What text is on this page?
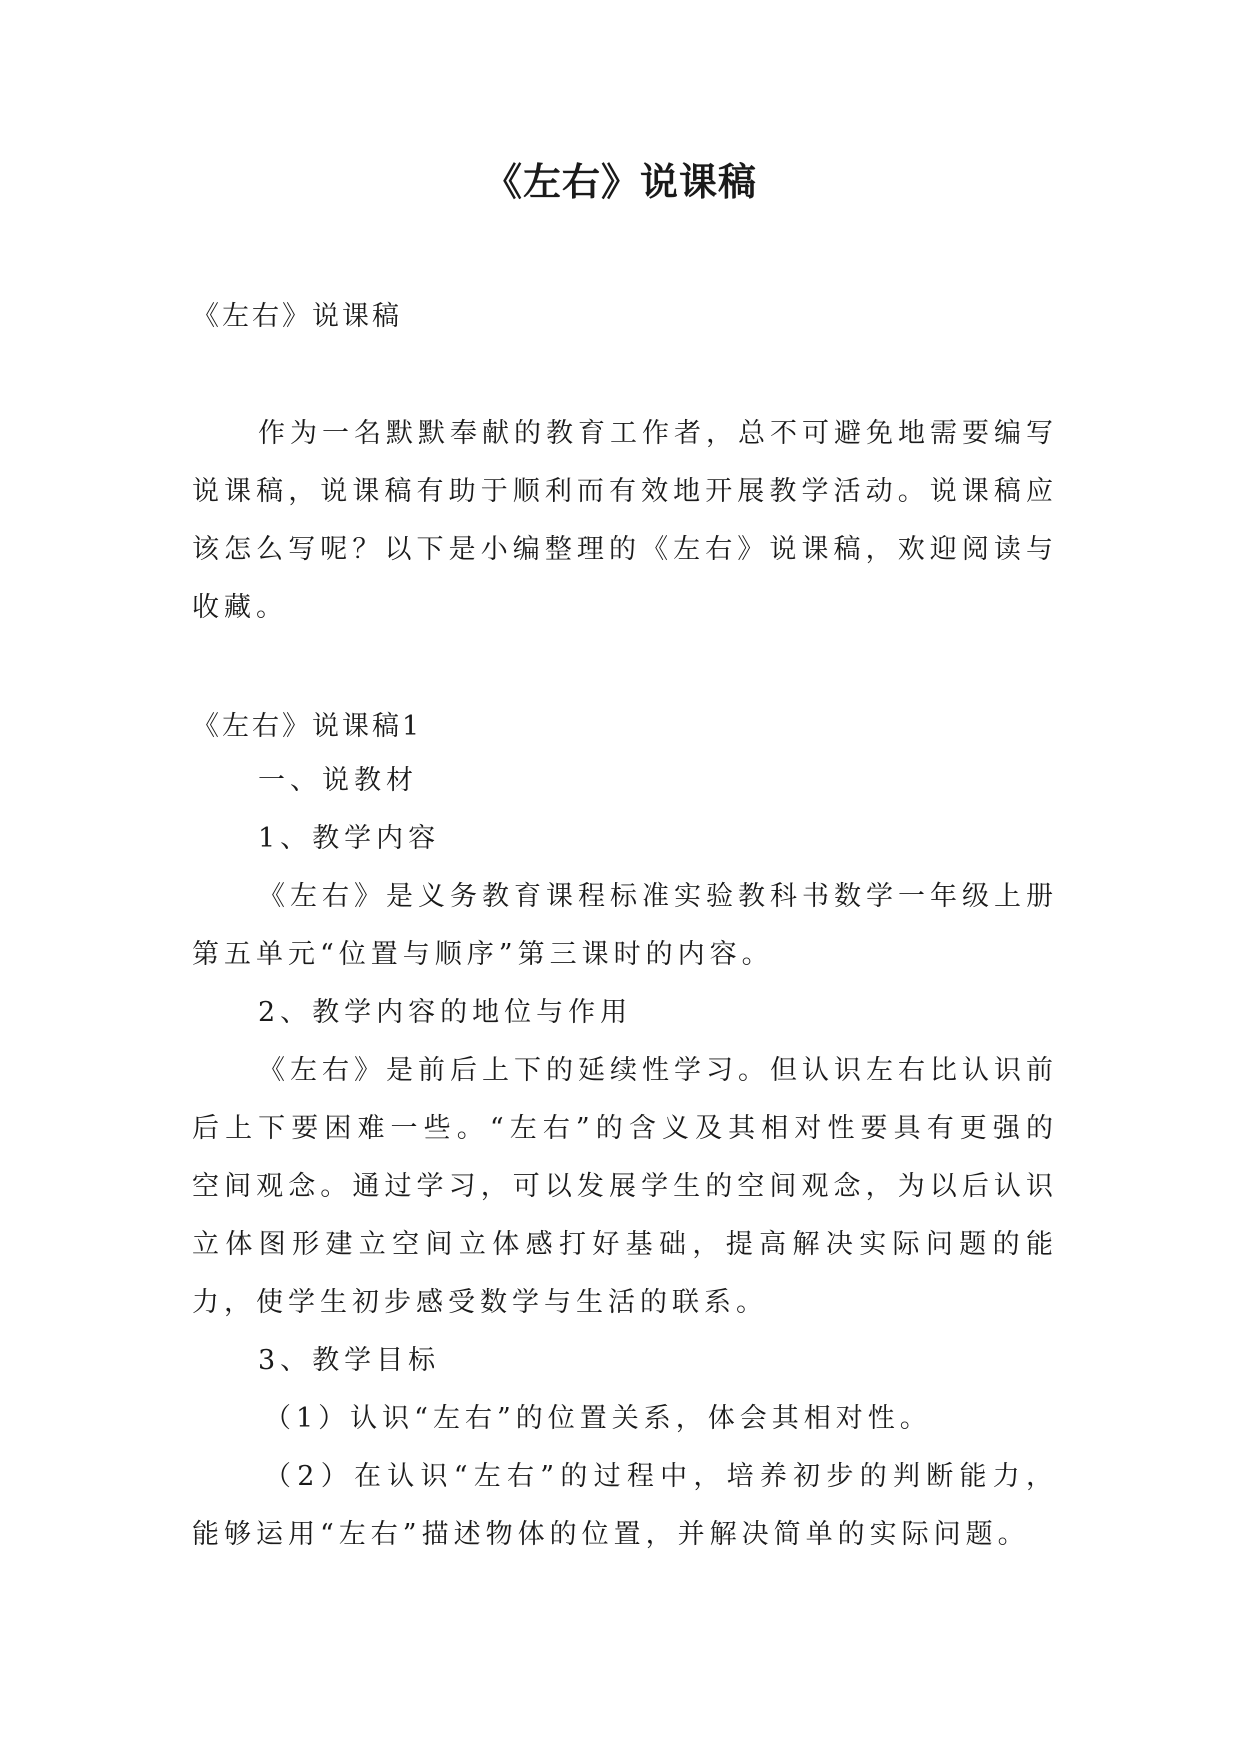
《左右》说课稿
《左右》说课稿

作为一名默默奉献的教育工作者，总不可避免地需要编写说课稿，说课稿有助于顺利而有效地开展教学活动。说课稿应该怎么写呢？以下是小编整理的《左右》说课稿，欢迎阅读与收藏。

《左右》说课稿1

一、说教材

1、教学内容

《左右》是义务教育课程标准实验教科书数学一年级上册第五单元“位置与顺序”第三课时的内容。

2、教学内容的地位与作用

《左右》是前后上下的延续性学习。但认识左右比认识前后上下要困难一些。“左右”的含义及其相对性要具有更强的空间观念。通过学习，可以发展学生的空间观念，为以后认识立体图形建立空间立体感打好基础，提高解决实际问题的能力，使学生初步感受数学与生活的联系。

3、教学目标

（1）认识“左右”的位置关系，体会其相对性。

（2）在认识“左右”的过程中，培养初步的判断能力，能够运用“左右”描述物体的位置，并解决简单的实际问题。
